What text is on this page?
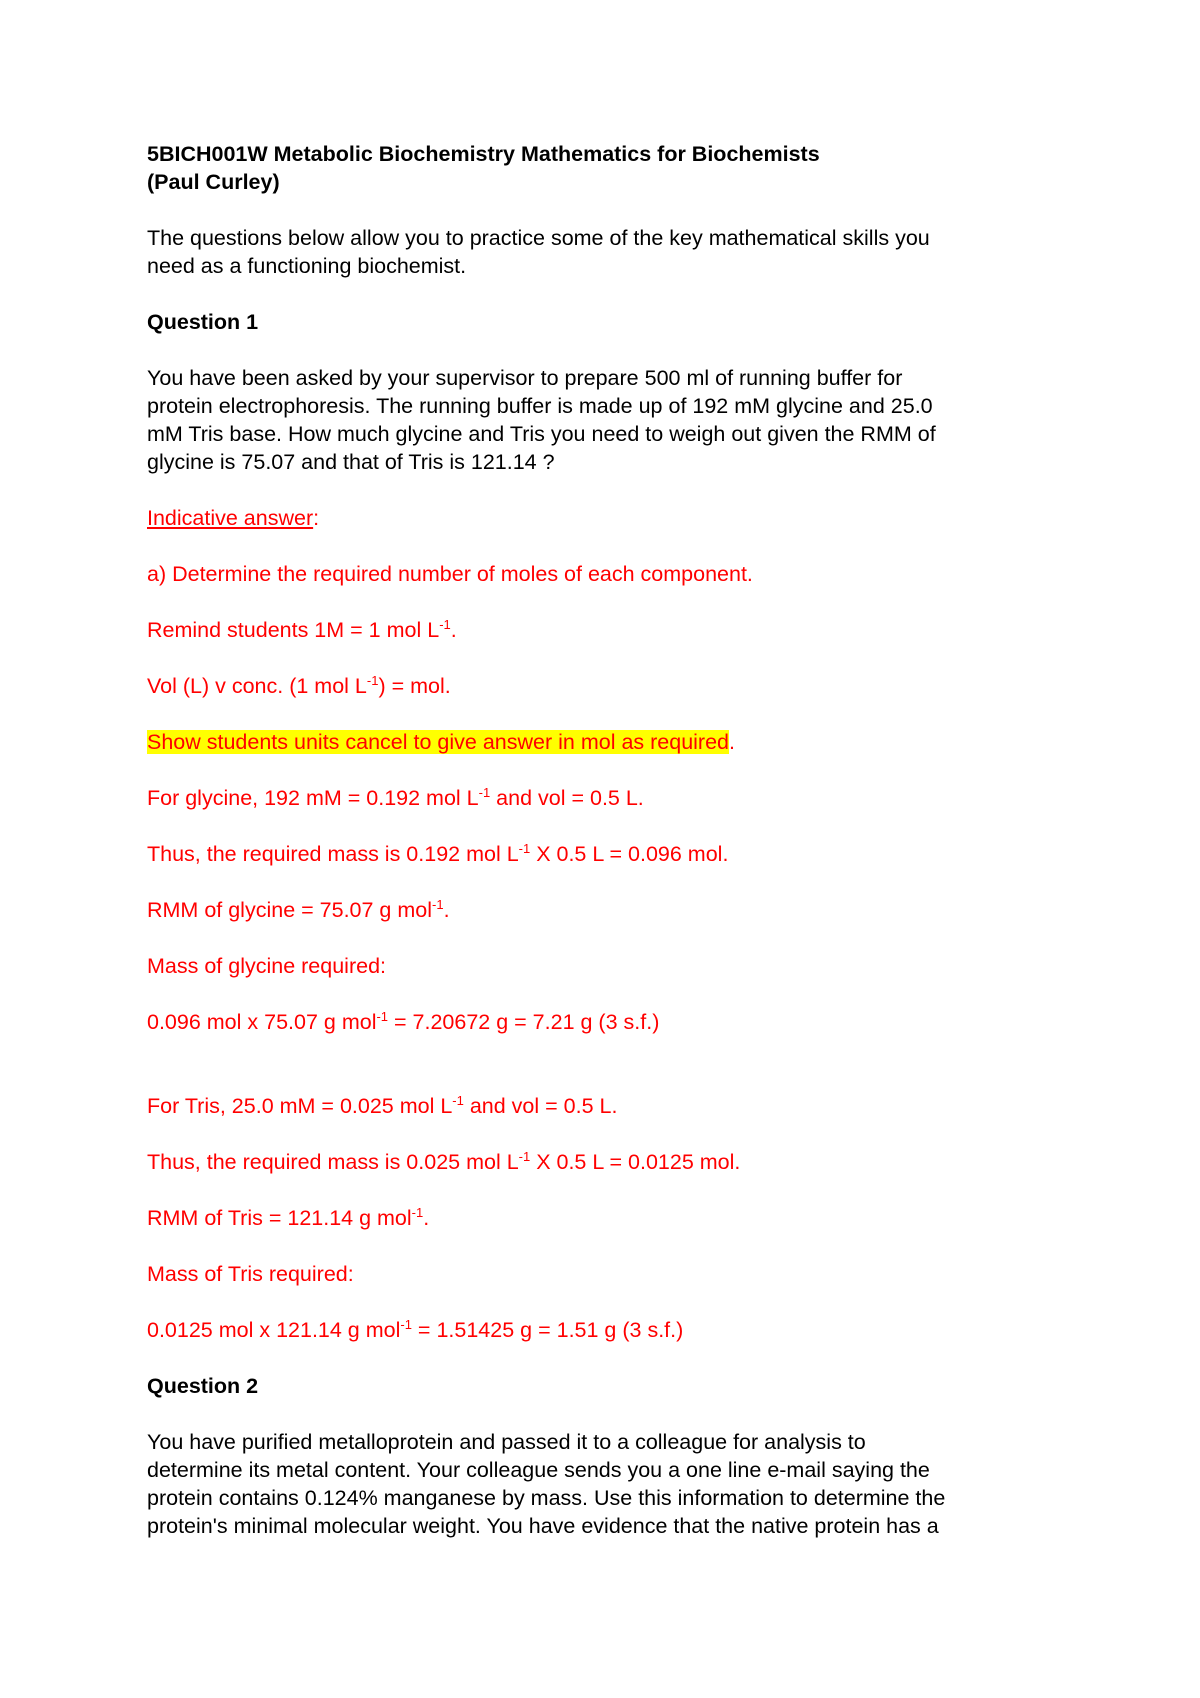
5BICH001W Metabolic Biochemistry Mathematics for Biochemists
(Paul Curley)

The questions below allow you to practice some of the key mathematical skills you
need as a functioning biochemist.

Question 1

You have been asked by your supervisor to prepare 500 ml of running buffer for
protein electrophoresis. The running buffer is made up of 192 mM glycine and 25.0
mM Tris base. How much glycine and Tris you need to weigh out given the RMM of
glycine is 75.07 and that of Tris is 121.14 ?

Indicative answer:

a) Determine the required number of moles of each component.

Remind students 1M = 1 mol $L^{-1}$.

Vol (L) v conc. (1 mol $L^{-1}$) = mol.

Show students units cancel to give answer in mol as required.

For glycine, 192 mM = 0.192 mol $L^{-1}$ and vol = 0.5 L.

Thus, the required mass is 0.192 mol $L^{-1}$ X 0.5 L = 0.096 mol.

RMM of glycine = 75.07 g mol$^{-1}$.

Mass of glycine required:

0.096 mol x 75.07 g mol$^{-1}$ = 7.20672 g = 7.21 g (3 s.f.)

For Tris, 25.0 mM = 0.025 mol $L^{-1}$ and vol = 0.5 L.

Thus, the required mass is 0.025 mol $L^{-1}$ X 0.5 L = 0.0125 mol.

RMM of Tris = 121.14 g mol$^{-1}$.

Mass of Tris required:

0.0125 mol x 121.14 g mol$^{-1}$ = 1.51425 g = 1.51 g (3 s.f.)

Question 2

You have purified metalloprotein and passed it to a colleague for analysis to
determine its metal content. Your colleague sends you a one line e-mail saying the
protein contains 0.124% manganese by mass. Use this information to determine the
protein's minimal molecular weight. You have evidence that the native protein has a
